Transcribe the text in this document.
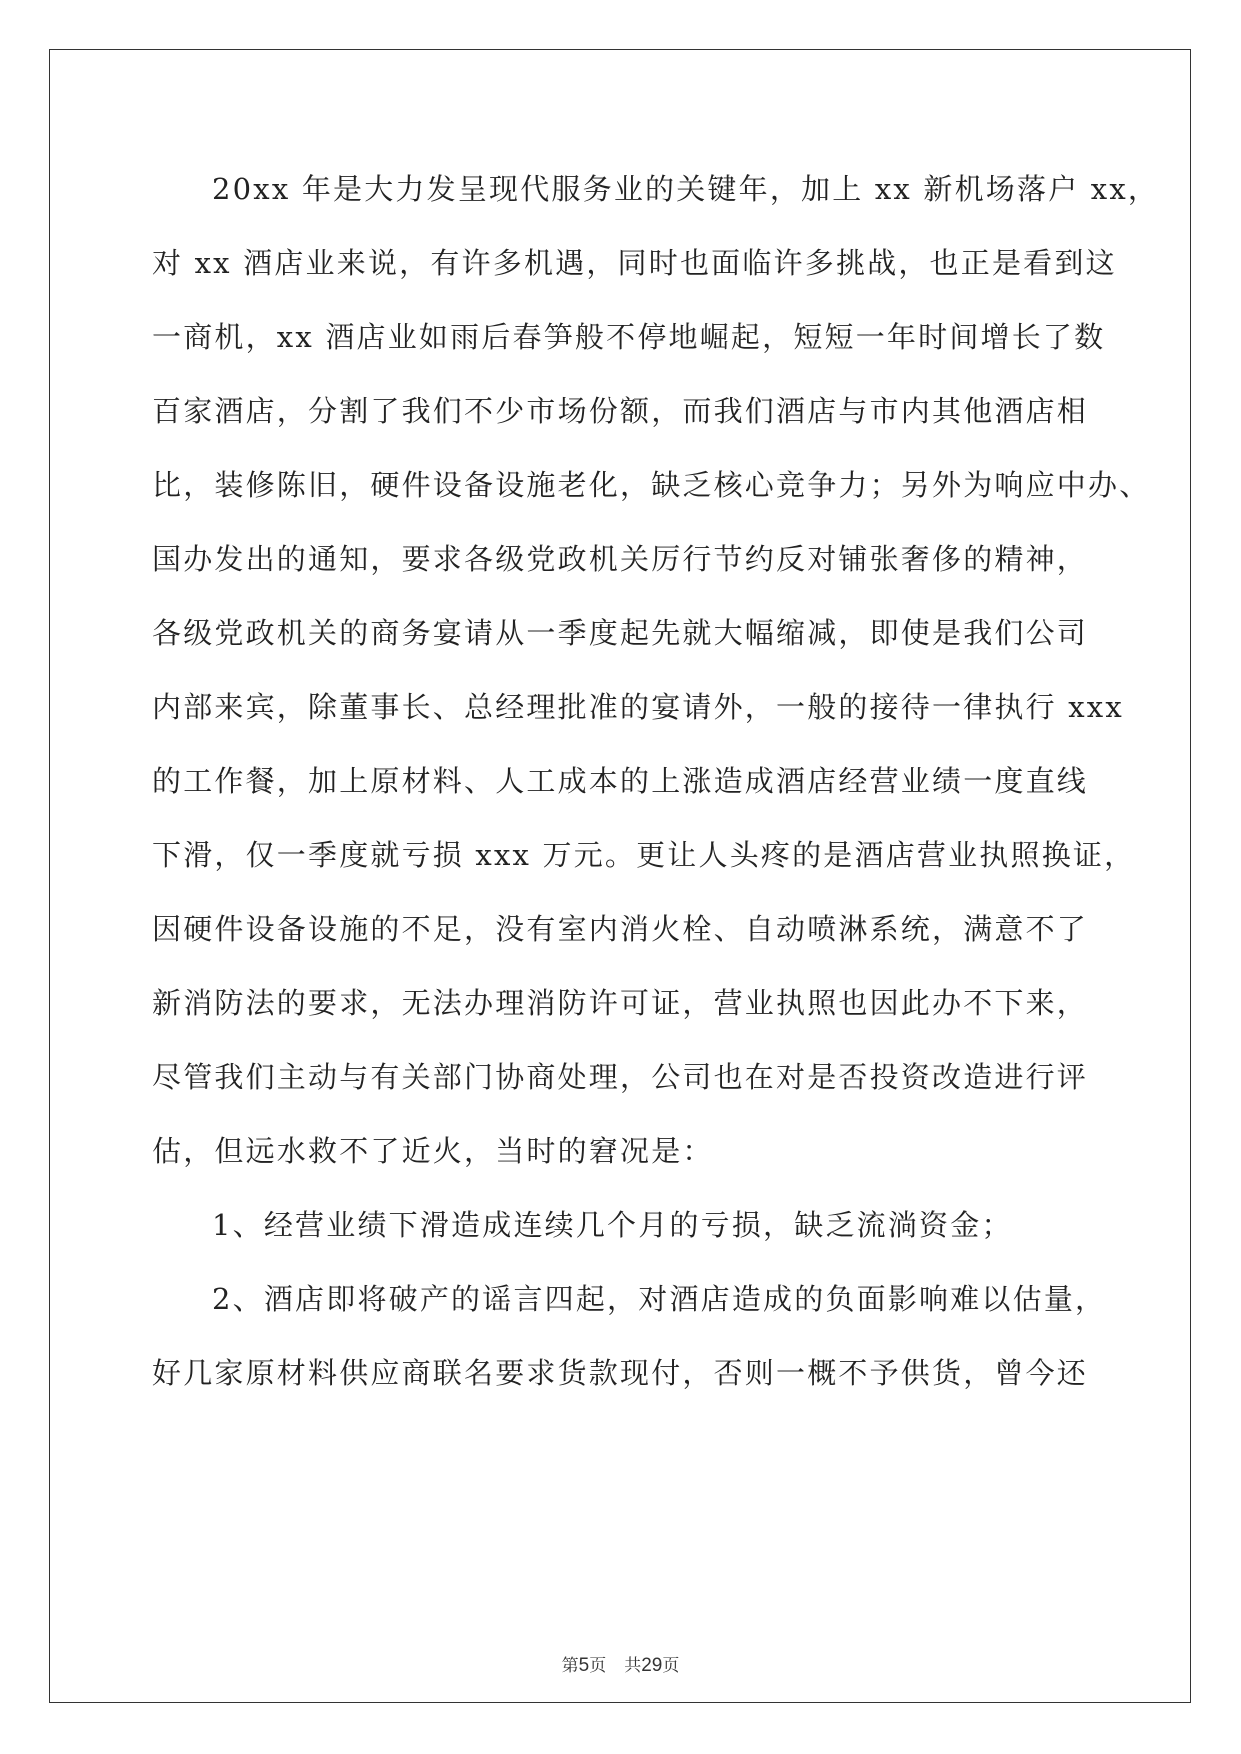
20xx 年是大力发呈现代服务业的关键年，加上 xx 新机场落户 xx，
对 xx 酒店业来说，有许多机遇，同时也面临许多挑战，也正是看到这
一商机，xx 酒店业如雨后春笋般不停地崛起，短短一年时间增长了数
百家酒店，分割了我们不少市场份额，而我们酒店与市内其他酒店相
比，装修陈旧，硬件设备设施老化，缺乏核心竞争力；另外为响应中办、
国办发出的通知，要求各级党政机关厉行节约反对铺张奢侈的精神，
各级党政机关的商务宴请从一季度起先就大幅缩减，即使是我们公司
内部来宾，除董事长、总经理批准的宴请外，一般的接待一律执行 xxx
的工作餐，加上原材料、人工成本的上涨造成酒店经营业绩一度直线
下滑，仅一季度就亏损 xxx 万元。更让人头疼的是酒店营业执照换证，
因硬件设备设施的不足，没有室内消火栓、自动喷淋系统，满意不了
新消防法的要求，无法办理消防许可证，营业执照也因此办不下来，
尽管我们主动与有关部门协商处理，公司也在对是否投资改造进行评
估，但远水救不了近火，当时的窘况是：
1、经营业绩下滑造成连续几个月的亏损，缺乏流淌资金；
2、酒店即将破产的谣言四起，对酒店造成的负面影响难以估量，
好几家原材料供应商联名要求货款现付，否则一概不予供货，曾今还
第5页 共29页
